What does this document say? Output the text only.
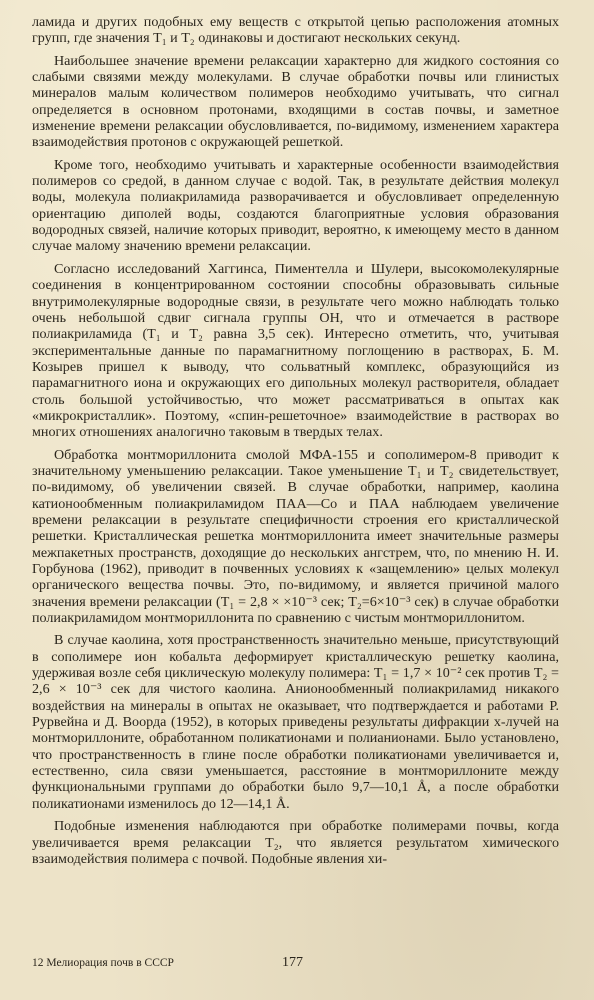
ламида и других подобных ему веществ с открытой цепью расположения атомных групп, где значения T₁ и T₂ одинаковы и достигают нескольких секунд.

Наибольшее значение времени релаксации характерно для жидкого состояния со слабыми связями между молекулами. В случае обработки почвы или глинистых минералов малым количеством полимеров необходимо учитывать, что сигнал определяется в основном протонами, входящими в состав почвы, и заметное изменение времени релаксации обусловливается, по-видимому, изменением характера взаимодействия протонов с окружающей решеткой.

Кроме того, необходимо учитывать и характерные особенности взаимодействия полимеров со средой, в данном случае с водой. Так, в результате действия молекул воды, молекула полиакриламида разворачивается и обусловливает определенную ориентацию диполей воды, создаются благоприятные условия образования водородных связей, наличие которых приводит, вероятно, к имеющему место в данном случае малому значению времени релаксации.

Согласно исследований Хаггинса, Пиментелла и Шулери, высокомолекулярные соединения в концентрированном состоянии способны образовывать сильные внутримолекулярные водородные связи, в результате чего можно наблюдать только очень небольшой сдвиг сигнала группы OH, что и отмечается в растворе полиакриламида (T₁ и T₂ равна 3,5 сек). Интересно отметить, что, учитывая экспериментальные данные по парамагнитному поглощению в растворах, Б. М. Козырев пришел к выводу, что сольватный комплекс, образующийся из парамагнитного иона и окружающих его дипольных молекул растворителя, обладает столь большой устойчивостью, что может рассматриваться в опытах как «микрокристаллик». Поэтому, «спин-решеточное» взаимодействие в растворах во многих отношениях аналогично таковым в твердых телах.

Обработка монтмориллонита смолой МФА-155 и сополимером-8 приводит к значительному уменьшению релаксации. Такое уменьшение T₁ и T₂ свидетельствует, по-видимому, об увеличении связей. В случае обработки, например, каолина катионообменным полиакриламидом ПАА—Co и ПАА наблюдаем увеличение времени релаксации в результате специфичности строения его кристаллической решетки. Кристаллическая решетка монтмориллонита имеет значительные размеры межпакетных пространств, доходящие до нескольких ангстрем, что, по мнению Н. И. Горбунова (1962), приводит в почвенных условиях к «защемлению» целых молекул органического вещества почвы. Это, по-видимому, и является причиной малого значения времени релаксации (T₁ = 2,8 × ×10⁻³ сек; T₂=6×10⁻³ сек) в случае обработки полиакриламидом монтмориллонита по сравнению с чистым монтмориллонитом.

В случае каолина, хотя пространственность значительно меньше, присутствующий в сополимере ион кобальта деформирует кристаллическую решетку каолина, удерживая возле себя циклическую молекулу полимера: T₁ = 1,7 × 10⁻² сек против T₂ = 2,6 × 10⁻³ сек для чистого каолина. Анионообменный полиакриламид никакого воздействия на минералы в опытах не оказывает, что подтверждается и работами Р. Рурвейна и Д. Воорда (1952), в которых приведены результаты дифракции x-лучей на монтмориллоните, обработанном поликатионами и полианионами. Было установлено, что пространственность в глине после обработки поликатионами увеличивается и, естественно, сила связи уменьшается, расстояние в монтмориллоните между функциональными группами до обработки было 9,7—10,1 Å, а после обработки поликатионами изменилось до 12—14,1 Å.

Подобные изменения наблюдаются при обработке полимерами почвы, когда увеличивается время релаксации T₂, что является результатом химического взаимодействия полимера с почвой. Подобные явления хи-

12 Мелиорация почв в СССР	177
